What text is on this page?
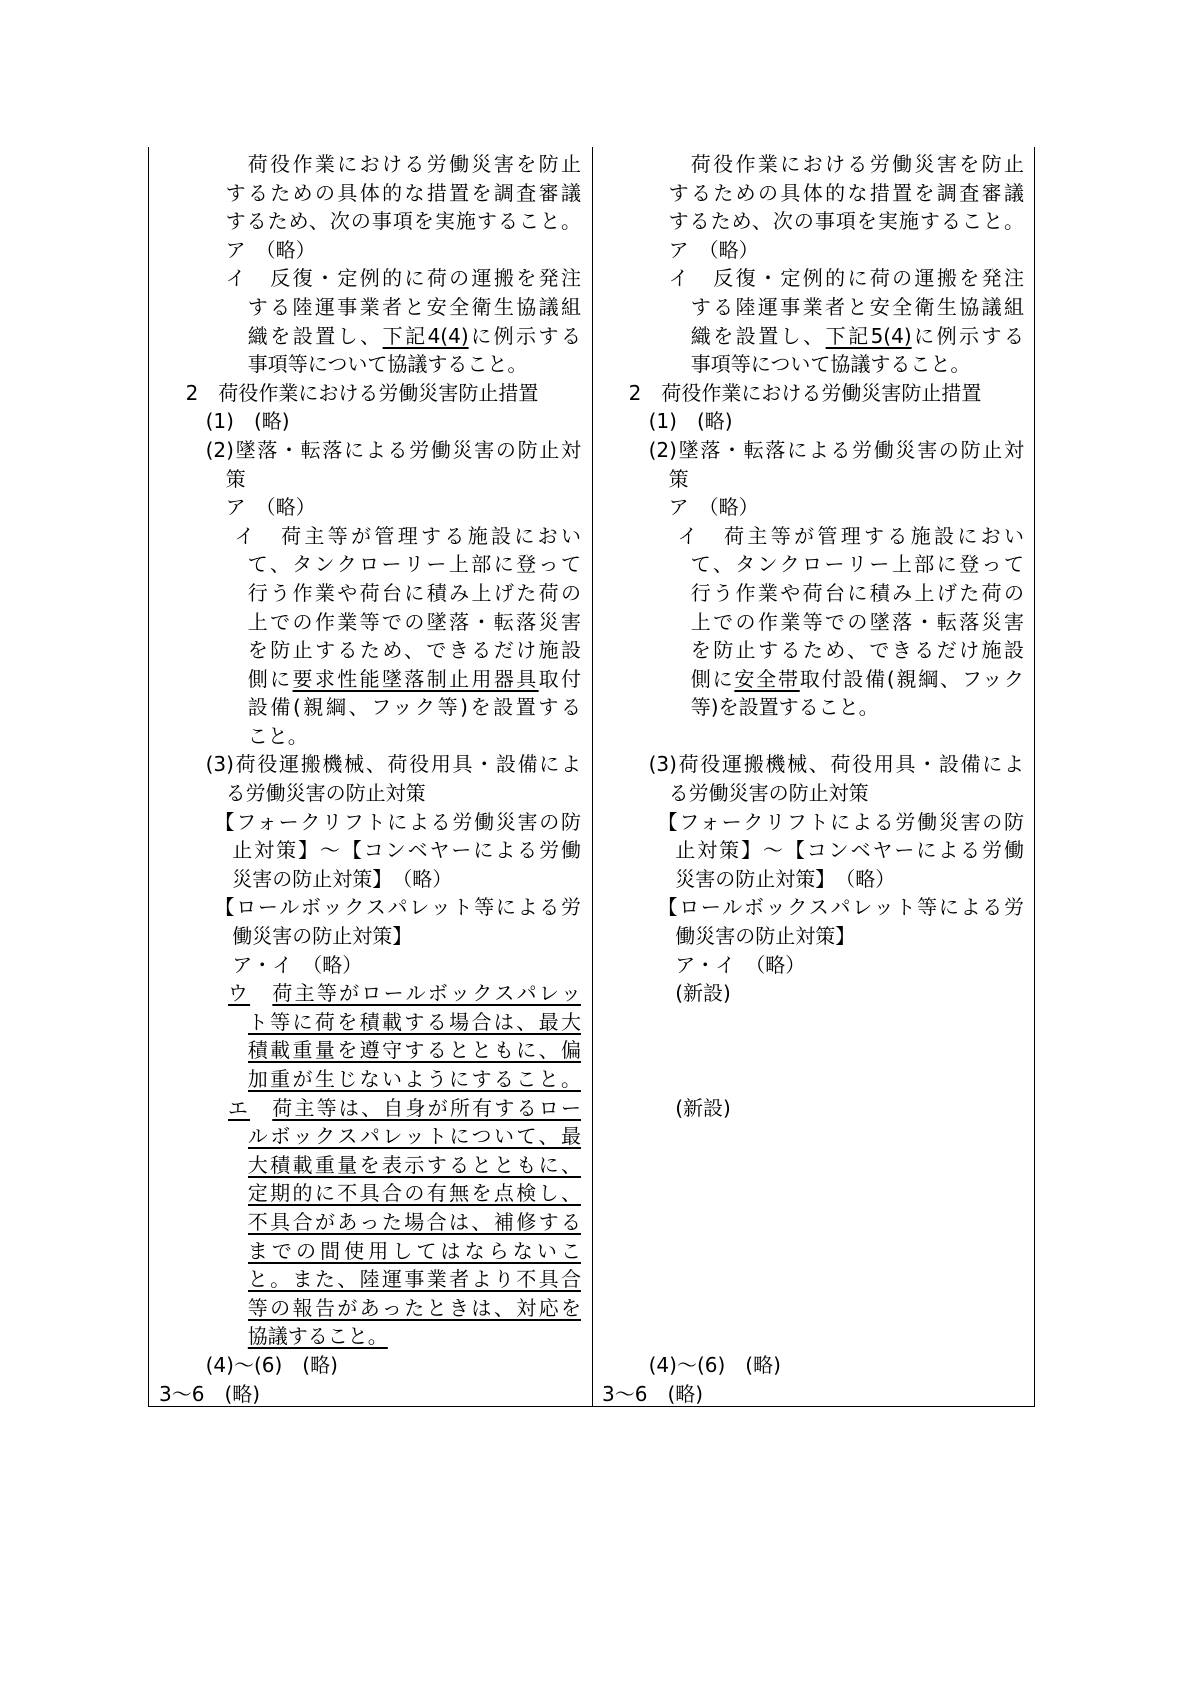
荷役作業における労働災害を防止
するための具体的な措置を調査審議
するため、次の事項を実施すること。
ア　（略）
イ　反復・定例的に荷の運搬を発注
する陸運事業者と安全衛生協議組
織を設置し、下記4(4)に例示する
事項等について協議すること。
2　荷役作業における労働災害防止措置
(1)　(略)
(2)墜落・転落による労働災害の防止対
策
ア　（略）
イ　荷主等が管理する施設におい
て、タンクローリー上部に登って
行う作業や荷台に積み上げた荷の
上での作業等での墜落・転落災害
を防止するため、できるだけ施設
側に要求性能墜落制止用器具取付
設備(親綱、フック等)を設置する
こと。
(3)荷役運搬機械、荷役用具・設備によ
る労働災害の防止対策
【フォークリフトによる労働災害の防
止対策】～【コンベヤーによる労働
災害の防止対策】　（略）
【ロールボックスパレット等による労
働災害の防止対策】
ア・イ　（略）
ウ　 荷主等がロールボックスパレッ
ト等に荷を積載する場合は、最大
積載重量を遵守するとともに、偏
加重が生じないようにすること。
エ　 荷主等は、自身が所有するロー
ルボックスパレットについて、最
大積載重量を表示するとともに、
定期的に不具合の有無を点検し、
不具合があった場合は、補修する
までの間使用してはならないこ
と。また、陸運事業者より不具合
等の報告があったときは、対応を
協議すること。
(4)～(6)　(略)
3～6　(略)
荷役作業における労働災害を防止
するための具体的な措置を調査審議
するため、次の事項を実施すること。
ア　（略）
イ　反復・定例的に荷の運搬を発注
する陸運事業者と安全衛生協議組
織を設置し、下記5(4)に例示する
事項等について協議すること。
2　荷役作業における労働災害防止措置
(1)　(略)
(2)墜落・転落による労働災害の防止対
策
ア　（略）
イ　荷主等が管理する施設におい
て、タンクローリー上部に登って
行う作業や荷台に積み上げた荷の
上での作業等での墜落・転落災害
を防止するため、できるだけ施設
側に安全帯取付設備(親綱、フック
等)を設置すること。
(3)荷役運搬機械、荷役用具・設備によ
る労働災害の防止対策
【フォークリフトによる労働災害の防
止対策】～【コンベヤーによる労働
災害の防止対策】　（略）
【ロールボックスパレット等による労
働災害の防止対策】
ア・イ　（略）
(新設)
(新設)
(4)～(6)　(略)
3～6　(略)
